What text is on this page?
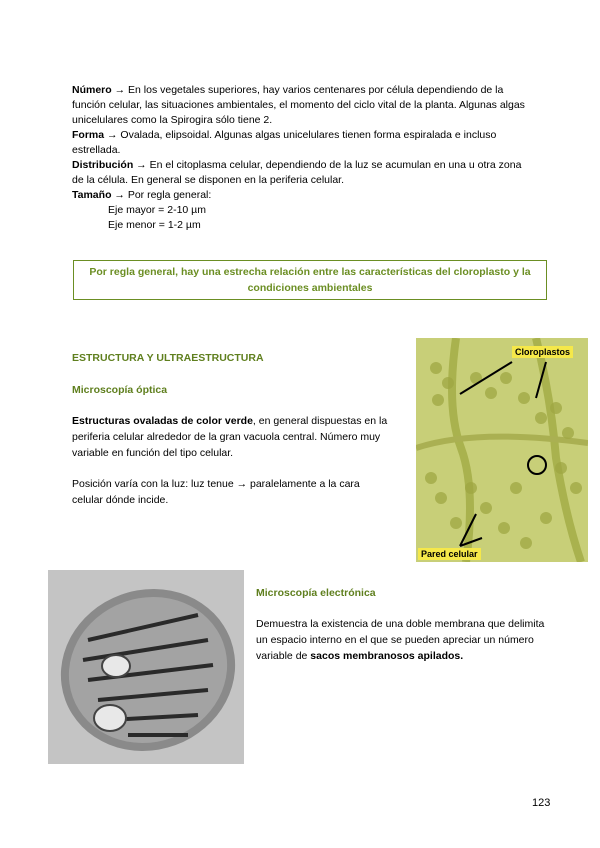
Número → En los vegetales superiores, hay varios centenares por célula dependiendo de la función celular, las situaciones ambientales, el momento del ciclo vital de la planta. Algunas algas unicelulares como la Spirogira sólo tiene 2.
Forma → Ovalada, elipsoidal. Algunas algas unicelulares tienen forma espiralada e incluso estrellada.
Distribución → En el citoplasma celular, dependiendo de la luz se acumulan en una u otra zona de la célula. En general se disponen en la periferia celular.
Tamaño → Por regla general:
Eje mayor = 2-10 µm
Eje menor = 1-2 µm
Por regla general, hay una estrecha relación entre las características del cloroplasto y la condiciones ambientales
ESTRUCTURA Y ULTRAESTRUCTURA
Microscopía óptica
Estructuras ovaladas de color verde, en general dispuestas en la periferia celular alrededor de la gran vacuola central. Número muy variable en función del tipo celular.
Posición varía con la luz: luz tenue → paralelamente a la cara celular dónde incide.
Cloroplastos
Pared celular
Microscopía electrónica
Demuestra la existencia de una doble membrana que delimita un espacio interno en el que se pueden apreciar un número variable de sacos membranosos apilados.
123
